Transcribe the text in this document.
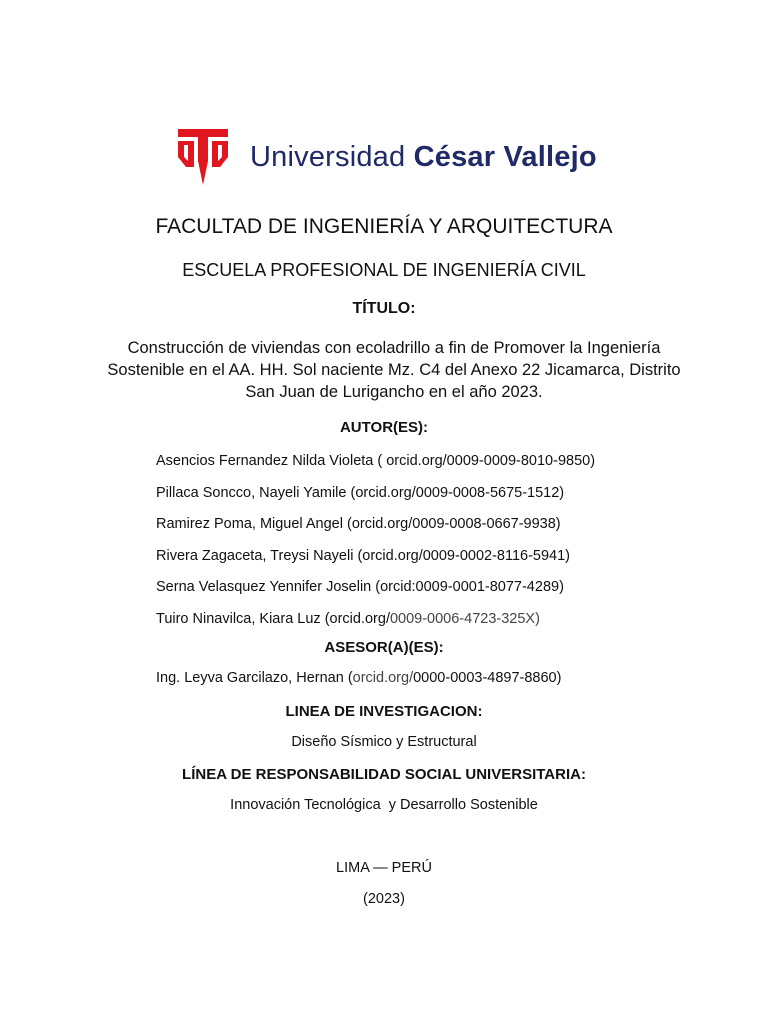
Universidad César Vallejo
FACULTAD DE INGENIERÍA Y ARQUITECTURA
ESCUELA PROFESIONAL DE INGENIERÍA CIVIL
TÍTULO:
Construcción de viviendas con ecoladrillo a fin de Promover la Ingeniería Sostenible en el AA. HH. Sol naciente Mz. C4 del Anexo 22 Jicamarca, Distrito San Juan de Lurigancho en el año 2023.
AUTOR(ES):
Asencios Fernandez Nilda Violeta ( orcid.org/0009-0009-8010-9850)
Pillaca Soncco, Nayeli Yamile (orcid.org/0009-0008-5675-1512)
Ramirez Poma, Miguel Angel (orcid.org/0009-0008-0667-9938)
Rivera Zagaceta, Treysi Nayeli (orcid.org/0009-0002-8116-5941)
Serna Velasquez Yennifer Joselin (orcid:0009-0001-8077-4289)
Tuiro Ninavilca, Kiara Luz (orcid.org/0009-0006-4723-325X)
ASESOR(A)(ES):
Ing. Leyva Garcilazo, Hernan (orcid.org/0000-0003-4897-8860)
LINEA DE INVESTIGACION:
Diseño Sísmico y Estructural
LÍNEA DE RESPONSABILIDAD SOCIAL UNIVERSITARIA:
Innovación Tecnológica  y Desarrollo Sostenible
LIMA — PERÚ
(2023)
